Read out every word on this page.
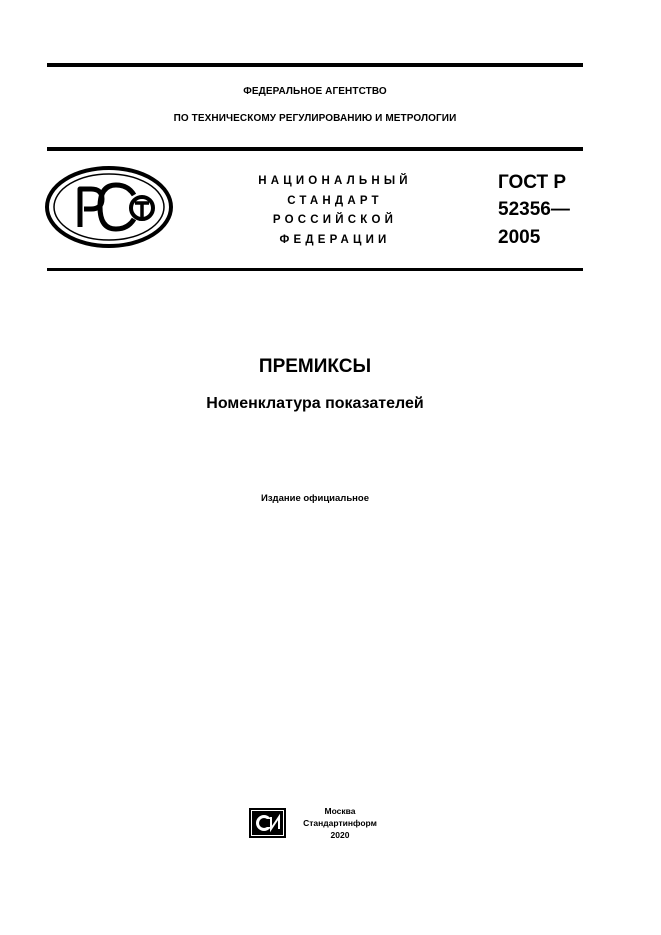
ФЕДЕРАЛЬНОЕ АГЕНТСТВО
ПО ТЕХНИЧЕСКОМУ РЕГУЛИРОВАНИЮ И МЕТРОЛОГИИ
НАЦИОНАЛЬНЫЙ
СТАНДАРТ
РОССИЙСКОЙ
ФЕДЕРАЦИИ
ГОСТ Р
52356—
2005
ПРЕМИКСЫ
Номенклатура показателей
Издание официальное
Москва
Стандартинформ
2020
